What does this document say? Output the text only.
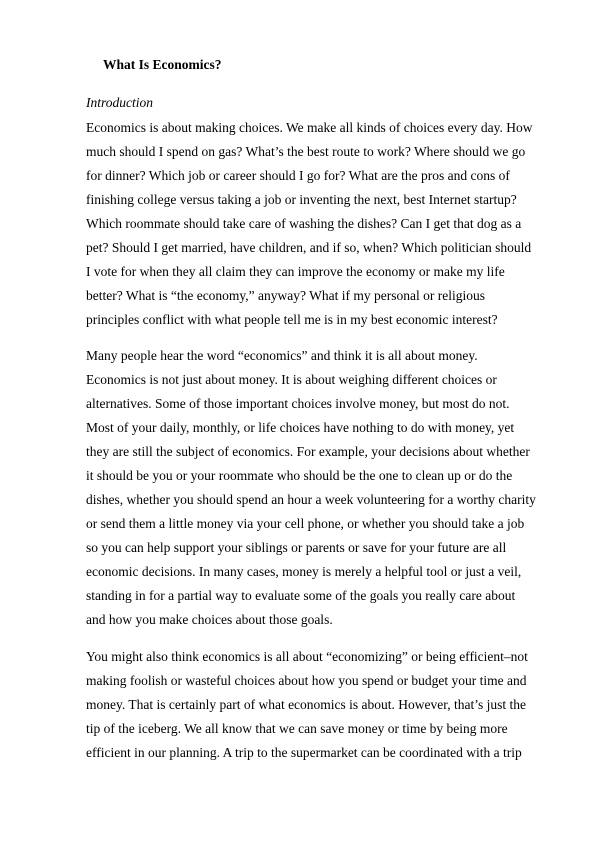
What Is Economics?
Introduction
Economics is about making choices. We make all kinds of choices every day. How
much should I spend on gas? What’s the best route to work? Where should we go
for dinner? Which job or career should I go for? What are the pros and cons of
finishing college versus taking a job or inventing the next, best Internet startup?
Which roommate should take care of washing the dishes? Can I get that dog as a
pet? Should I get married, have children, and if so, when? Which politician should
I vote for when they all claim they can improve the economy or make my life
better? What is “the economy,” anyway? What if my personal or religious
principles conflict with what people tell me is in my best economic interest?
Many people hear the word “economics” and think it is all about money.
Economics is not just about money. It is about weighing different choices or
alternatives. Some of those important choices involve money, but most do not.
Most of your daily, monthly, or life choices have nothing to do with money, yet
they are still the subject of economics. For example, your decisions about whether
it should be you or your roommate who should be the one to clean up or do the
dishes, whether you should spend an hour a week volunteering for a worthy charity
or send them a little money via your cell phone, or whether you should take a job
so you can help support your siblings or parents or save for your future are all
economic decisions. In many cases, money is merely a helpful tool or just a veil,
standing in for a partial way to evaluate some of the goals you really care about
and how you make choices about those goals.
You might also think economics is all about “economizing” or being efficient–not
making foolish or wasteful choices about how you spend or budget your time and
money. That is certainly part of what economics is about. However, that’s just the
tip of the iceberg. We all know that we can save money or time by being more
efficient in our planning. A trip to the supermarket can be coordinated with a trip
